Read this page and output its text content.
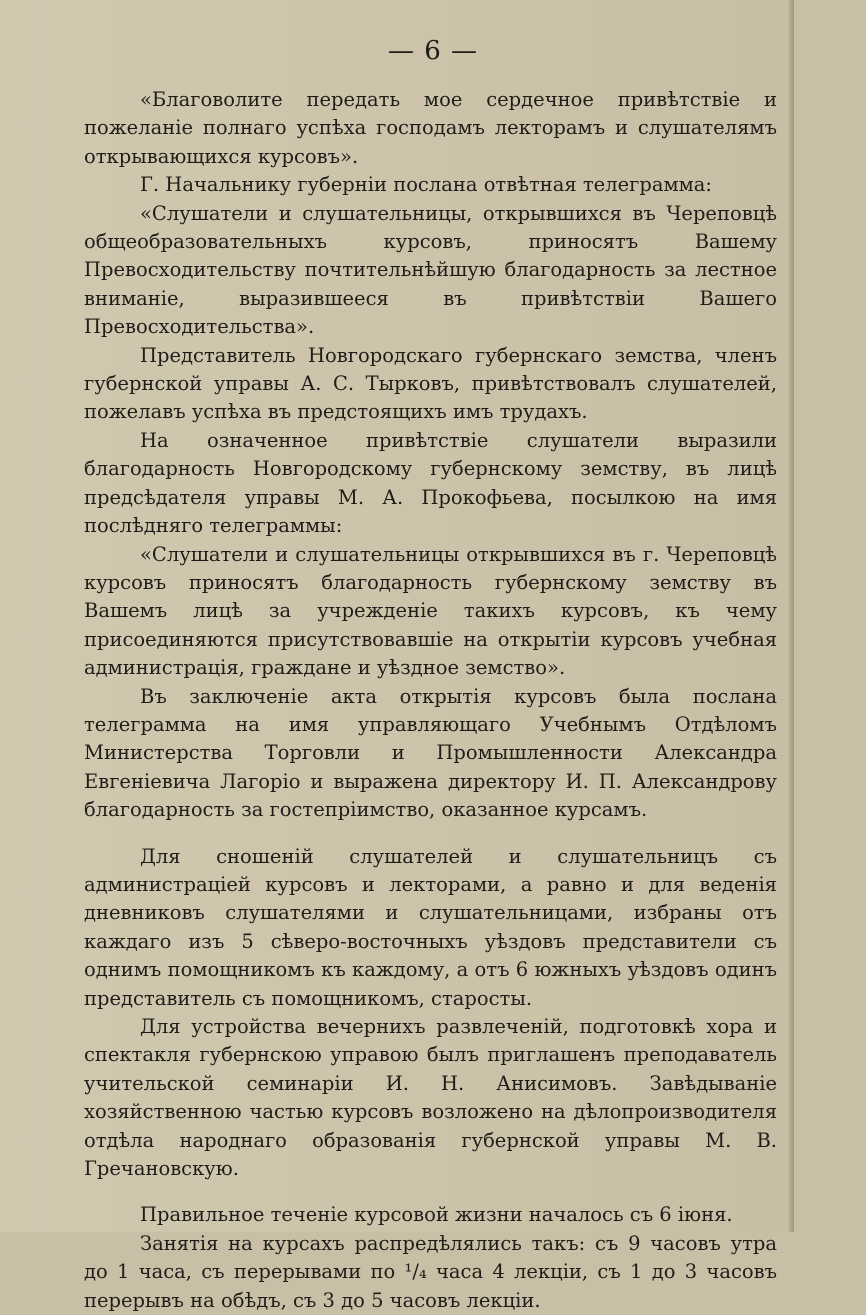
— 6 —

«Благоволите передать мое сердечное привѣтствіе и пожеланіе полнаго успѣха господамъ лекторамъ и слушателямъ открывающихся курсовъ».

Г. Начальнику губерніи послана отвѣтная телеграмма:

«Слушатели и слушательницы, открывшихся въ Череповцѣ общеобразовательныхъ курсовъ, приносятъ Вашему Превосходительству почтительнѣйшую благодарность за лестное вниманіе, выразившееся въ привѣтствіи Вашего Превосходительства».

Представитель Новгородскаго губернскаго земства, членъ губернской управы А. С. Тырковъ, привѣтствовалъ слушателей, пожелавъ успѣха въ предстоящихъ имъ трудахъ.

На означенное привѣтствіе слушатели выразили благодарность Новгородскому губернскому земству, въ лицѣ предсѣдателя управы М. А. Прокофьева, посылкою на имя послѣдняго телеграммы:

«Слушатели и слушательницы открывшихся въ г. Череповцѣ курсовъ приносятъ благодарность губернскому земству въ Вашемъ лицѣ за учрежденіе такихъ курсовъ, къ чему присоединяются присутствовавшіе на открытіи курсовъ учебная администрація, граждане и уѣздное земство».

Въ заключеніе акта открытія курсовъ была послана телеграмма на имя управляющаго Учебнымъ Отдѣломъ Министерства Торговли и Промышленности Александра Евгеніевича Лагоріо и выражена директору И. П. Александрову благодарность за гостепріимство, оказанное курсамъ.

Для сношеній слушателей и слушательницъ съ администраціей курсовъ и лекторами, а равно и для веденія дневниковъ слушателями и слушательницами, избраны отъ каждаго изъ 5 сѣверо-восточныхъ уѣздовъ представители съ однимъ помощникомъ къ каждому, а отъ 6 южныхъ уѣздовъ одинъ представитель съ помощникомъ, старосты.

Для устройства вечернихъ развлеченій, подготовкѣ хора и спектакля губернскою управою былъ приглашенъ преподаватель учительской семинаріи И. Н. Анисимовъ. Завѣдываніе хозяйственною частью курсовъ возложено на дѣлопроизводителя отдѣла народнаго образованія губернской управы М. В. Гречановскую.

Правильное теченіе курсовой жизни началось съ 6 іюня.

Занятія на курсахъ распредѣлялись такъ: съ 9 часовъ утра до 1 часа, съ перерывами по ¹/₄ часа 4 лекціи, съ 1 до 3 часовъ перерывъ на обѣдъ, съ 3 до 5 часовъ лекціи.
